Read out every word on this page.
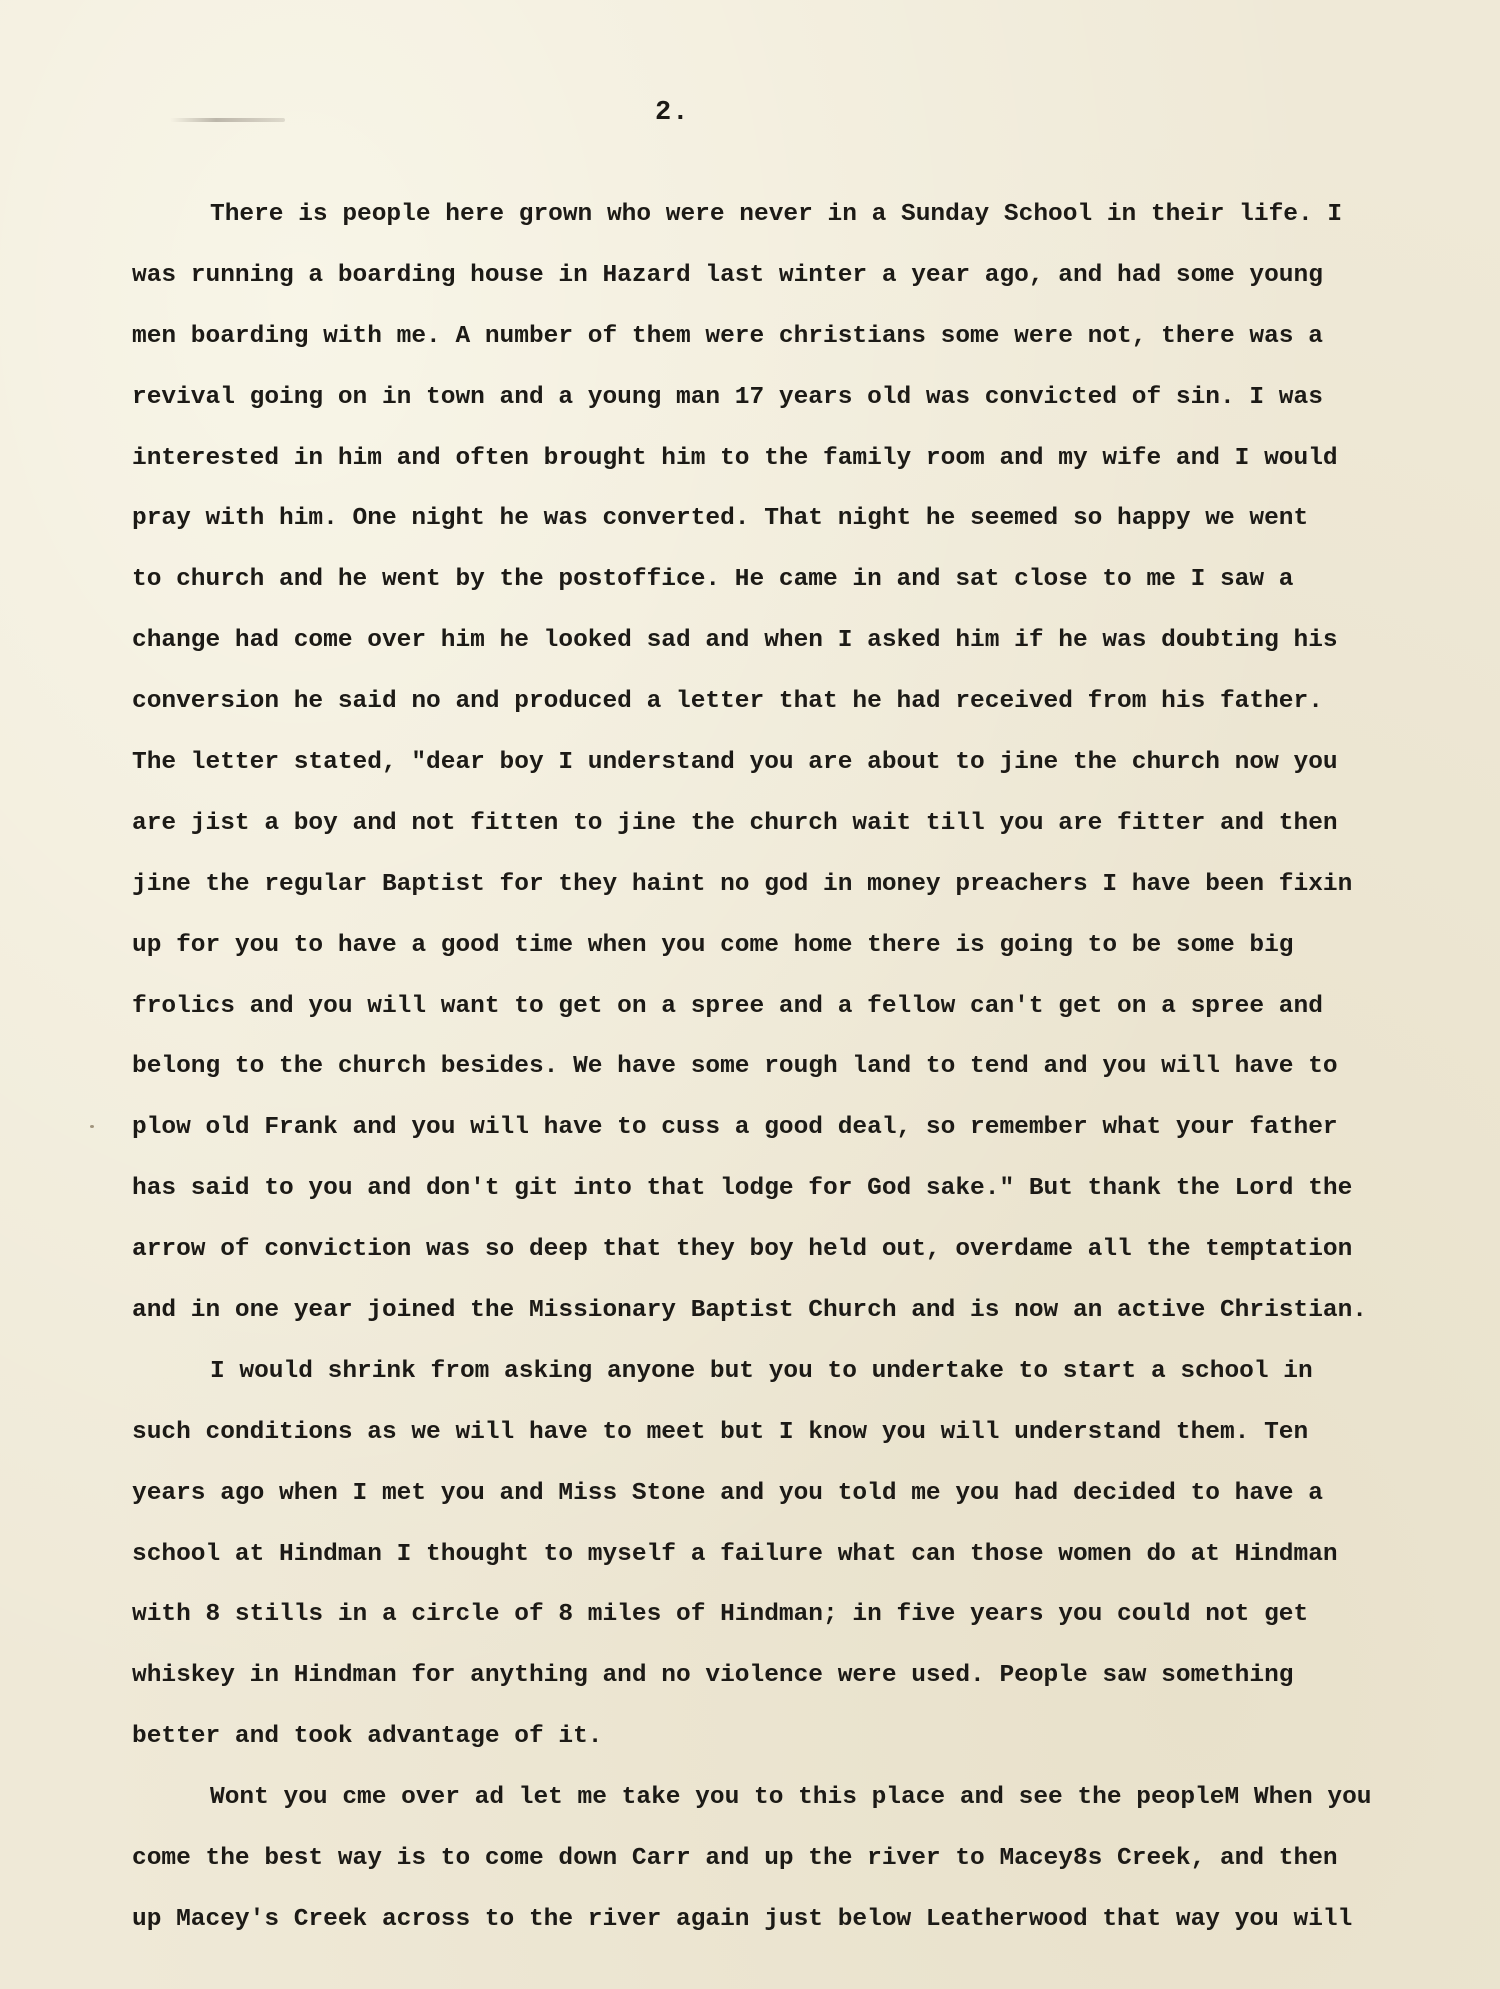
2.
There is people here grown who were never in a Sunday School in their life. I
was running a boarding house in Hazard last winter a year ago, and had some young
men boarding with me. A number of them were christians some were not, there was a
revival going on in town and a young man 17 years old was convicted of sin. I was
interested in him and often brought him to the family room and my wife and I would
pray with him. One night he was converted. That night he seemed so happy we went
to church and he went by the postoffice. He came in and sat close to me I saw a
change had come over him he looked sad and when I asked him if he was doubting his
conversion he said no and produced a letter that he had received from his father.
The letter stated, "dear boy I understand you are about to jine the church now you
are jist a boy and not fitten to jine the church wait till you are fitter and then
jine the regular Baptist for they haint no god in money preachers I have been fixin
up for you to have a good time when you come home there is going to be some big
frolics and you will want to get on a spree and a fellow can't get on a spree and
belong to the church besides. We have some rough land to tend and you will have to
plow old Frank and you will have to cuss a good deal, so remember what your father
has said to you and don't git into that lodge for God sake." But thank the Lord the
arrow of conviction was so deep that they boy held out, overdame all the temptation
and in one year joined the Missionary Baptist Church and is now an active Christian.
I would shrink from asking anyone but you to undertake to start a school in
such conditions as we will have to meet but I know you will understand them. Ten
years ago when I met you and Miss Stone and you told me you had decided to have a
school at Hindman I thought to myself a failure what can those women do at Hindman
with 8 stills in a circle of 8 miles of Hindman; in five years you could not get
whiskey in Hindman for anything and no violence were used. People saw something
better and took advantage of it.
Wont you cme over ad let me take you to this place and see the peopleM When you
come the best way is to come down Carr and up the river to Macey8s Creek, and then
up Macey's Creek across to the river again just below Leatherwood that way you will
